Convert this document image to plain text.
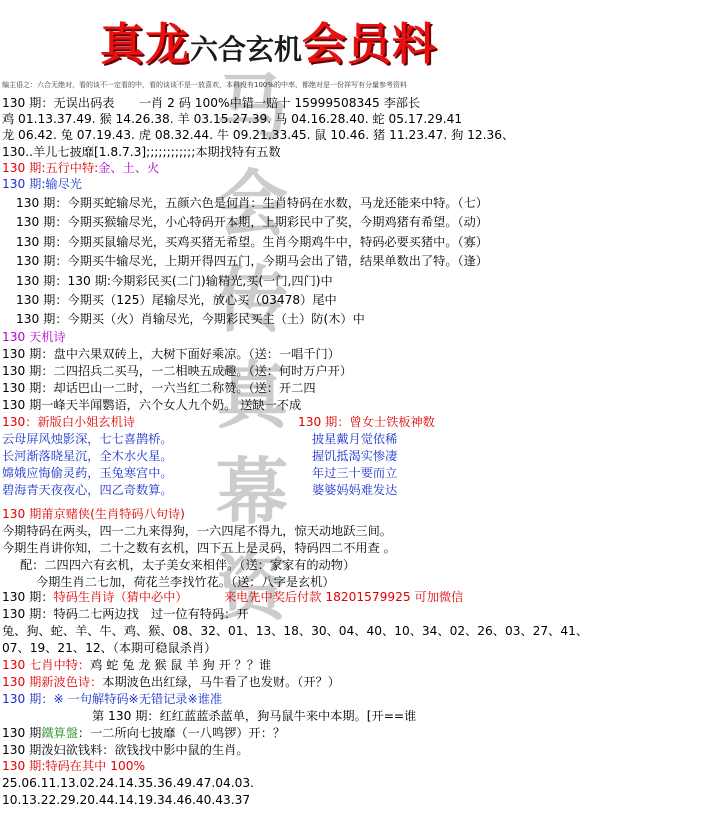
真龙六合玄机会员料
马
会
传
真
幕
资
编主语之：六合无绝对，看的谈不一定看的中，看的谈谈不是一放喜欢，本料没有100%的中率，都绝对是一份祥写有分量参考资料
130 期：无误出码表　　一肖 2 码 100%中错一赔十 15999508345 李部长
鸡 01.13.37.49. 猴 14.26.38. 羊 03.15.27.39. 马 04.16.28.40. 蛇 05.17.29.41
龙 06.42. 兔 07.19.43. 虎 08.32.44. 牛 09.21.33.45. 鼠 10.46. 猪 11.23.47. 狗 12.36、
130..羊儿七披靡[1.8.7.3];;;;;;;;;;;;本期找特有五数
130 期:五行中特:金、土、火
130 期:输尽光
130 期：今期买蛇输尽光，五颜六色是何肖：生肖特码在水数，马龙还能来中特。（七）
130 期：今期买猴输尽光，小心特码开本期，上期彩民中了奖，今期鸡猪有希望。（动）
130 期：今期买鼠输尽光，买鸡买猪无希望。生肖今期鸡牛中，特码必要买猪中。（寡）
130 期：今期买牛输尽光，上期开得四五门，今期马会出了错，结果单数出了特。（逢）
130 期：130 期:今期彩民买(二门)输精光,买(一门,四门)中
130 期：今期买（125）尾输尽光，放心买（03478）尾中
130 期：今期买（火）肖输尽光，今期彩民买主（土）防(木）中
130 天机诗
130 期：盘中六果双砖上，大树下面好乘凉。（送：一唱千门）
130 期：二四招兵二买马，一二相映五成趣。（送：何时万户开）
130 期：却话巴山一二时，一六当红二称赞。（送：开二四
130 期一峰天半闻鹦语，六个女人九个奶。 送缺一不成
130：新版白小姐玄机诗	130 期：曾女士铁板神数
云母屏风烛影深，七七喜鹊桥。	披星戴月觉依稀
长河渐落晓星沉，全木水火星。	握饥抵渴实惨凄
嫦娥应悔偷灵药，玉兔寒宫中。	年过三十要而立
碧海青天夜夜心，四乙奇数算。	婆婆妈妈难发达
130 期莆京赌侠(生肖特码八句诗)
今期特码在两头，四一二九来得狗，一六四尾不得九，惊天动地跃三间。
今期生肖讲你知，二十之数有玄机，四下五上是灵码，特码四二不用查 。
配：二四四六有玄机，太子美女来相伴。（送：家家有的动物）
今期生肖二七加，荷花兰李找竹花。（送：八字是玄机）
130 期：特码生肖诗（猜中必中）	来电先中奖后付款 18201579925 可加微信
130 期：特码二七两边找　过一位有特码：开
兔、狗、蛇、羊、牛、鸡、猴、08、32、01、13、18、30、04、40、10、34、02、26、03、27、41、
07、19、21、12、（本期可稳鼠杀肖）
130 七肖中特：鸡 蛇 兔 龙 猴 鼠 羊 狗 开 ？？谁
130 期新波色诗：本期波色出红绿，马牛看了也发财。（开？）
130 期：※ 一句解特码※无错记录※谁准
第 130 期：红红蓝蓝杀蓝单，狗马鼠牛来中本期。[开==谁
130 期鐵算盤：一二所向七披靡（一八鸣锣）开：？
130 期泼妇欲钱料：欲钱找中影中鼠的生肖。
130 期:特码在其中 100%
25.06.11.13.02.24.14.35.36.49.47.04.03.
10.13.22.29.20.44.14.19.34.46.40.43.37
